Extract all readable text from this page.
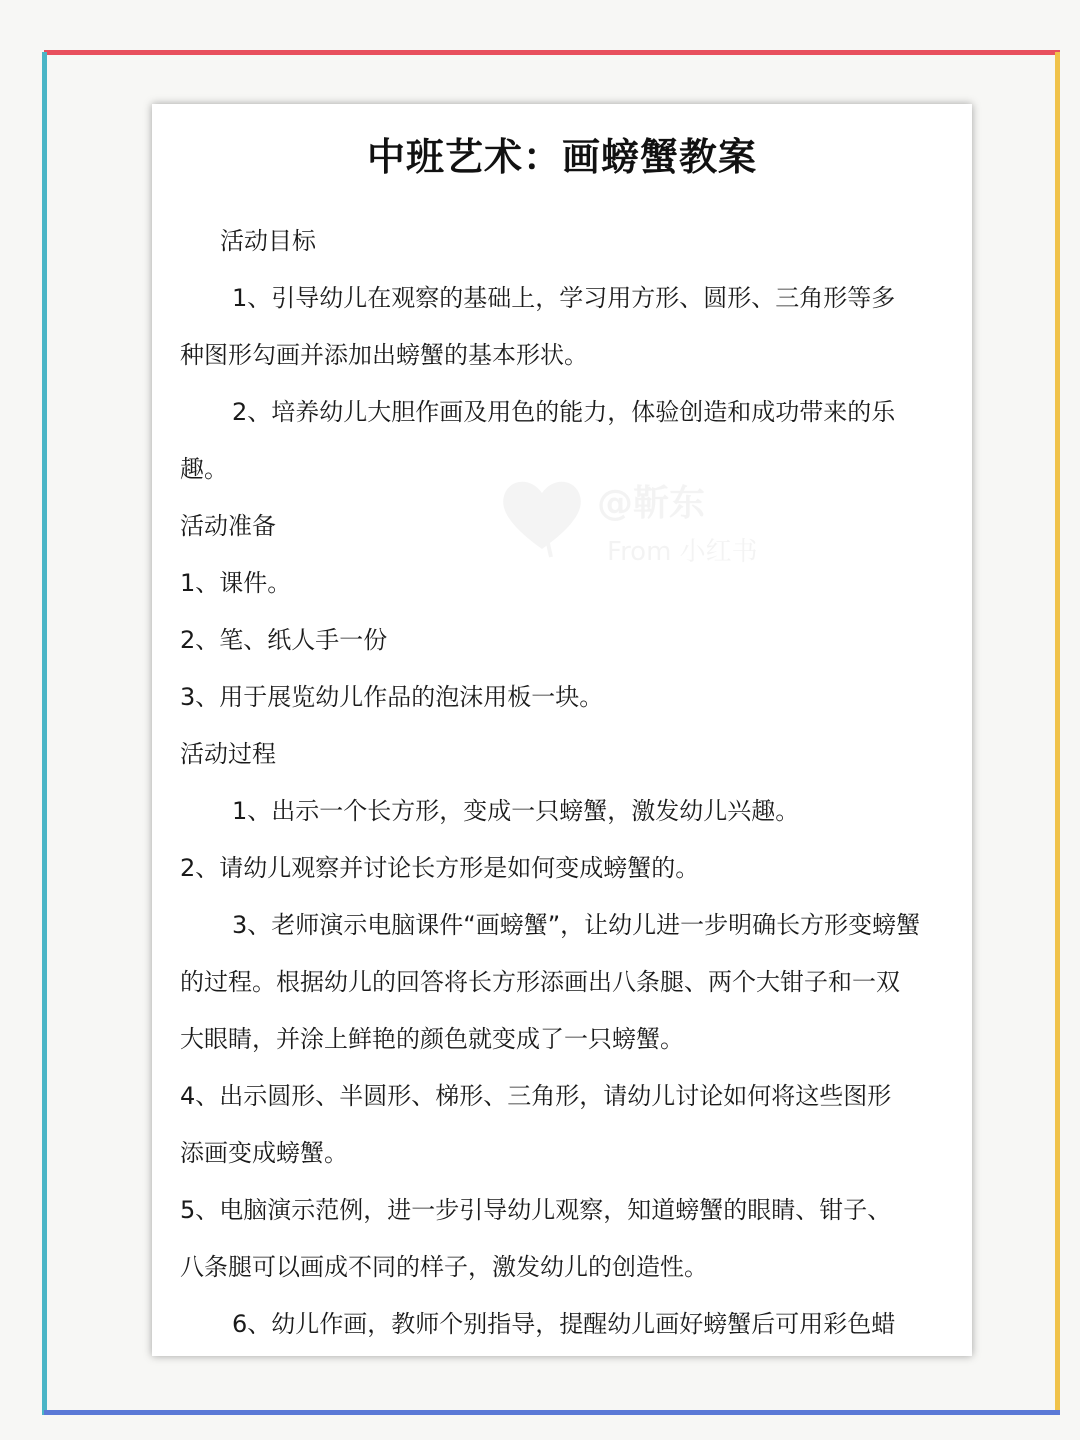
中班艺术：画螃蟹教案
活动目标
1、引导幼儿在观察的基础上，学习用方形、圆形、三角形等多
种图形勾画并添加出螃蟹的基本形状。
2、培养幼儿大胆作画及用色的能力，体验创造和成功带来的乐
趣。
活动准备
1、课件。
2、笔、纸人手一份
3、用于展览幼儿作品的泡沫用板一块。
活动过程
1、出示一个长方形，变成一只螃蟹，激发幼儿兴趣。
2、请幼儿观察并讨论长方形是如何变成螃蟹的。
3、老师演示电脑课件“画螃蟹”，让幼儿进一步明确长方形变螃蟹
的过程。根据幼儿的回答将长方形添画出八条腿、两个大钳子和一双
大眼睛，并涂上鲜艳的颜色就变成了一只螃蟹。
4、出示圆形、半圆形、梯形、三角形，请幼儿讨论如何将这些图形
添画变成螃蟹。
5、电脑演示范例，进一步引导幼儿观察，知道螃蟹的眼睛、钳子、
八条腿可以画成不同的样子，激发幼儿的创造性。
6、幼儿作画，教师个别指导，提醒幼儿画好螃蟹后可用彩色蜡
@靳东
From 小红书
